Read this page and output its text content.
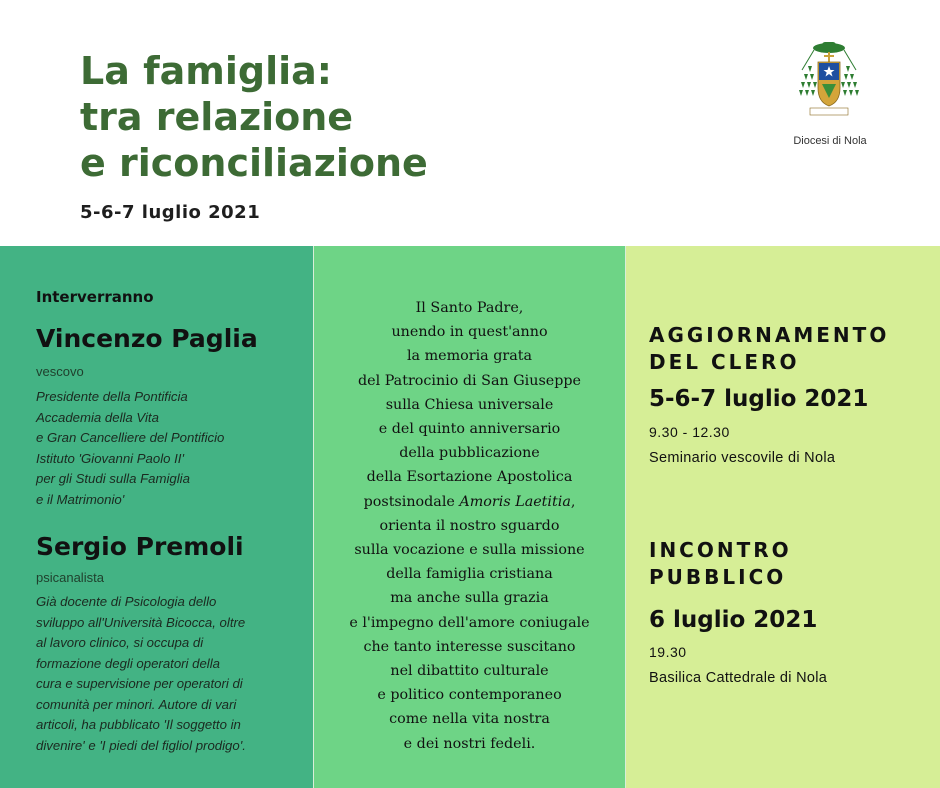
La famiglia:
tra relazione
e riconciliazione
5-6-7 luglio 2021
Diocesi di Nola
Interverranno
Vincenzo Paglia
vescovo
Presidente della Pontificia
Accademia della Vita
e Gran Cancelliere del Pontificio
Istituto 'Giovanni Paolo II'
per gli Studi sulla Famiglia
e il Matrimonio'
Sergio Premoli
psicanalista
Già docente di Psicologia dello
sviluppo all'Università Bicocca, oltre
al lavoro clinico, si occupa di
formazione degli operatori della
cura e supervisione per operatori di
comunità per minori. Autore di vari
articoli, ha pubblicato 'Il soggetto in
divenire' e 'I piedi del figliol prodigo'.
Il Santo Padre,
unendo in quest'anno
la memoria grata
del Patrocinio di San Giuseppe
sulla Chiesa universale
e del quinto anniversario
della pubblicazione
della Esortazione Apostolica
postsinodale Amoris Laetitia,
orienta il nostro sguardo
sulla vocazione e sulla missione
della famiglia cristiana
ma anche sulla grazia
e l'impegno dell'amore coniugale
che tanto interesse suscitano
nel dibattito culturale
e politico contemporaneo
come nella vita nostra
e dei nostri fedeli.
AGGIORNAMENTO
DEL CLERO
5-6-7 luglio 2021
9.30 - 12.30
Seminario vescovile di Nola
INCONTRO
PUBBLICO
6 luglio 2021
19.30
Basilica Cattedrale di Nola
